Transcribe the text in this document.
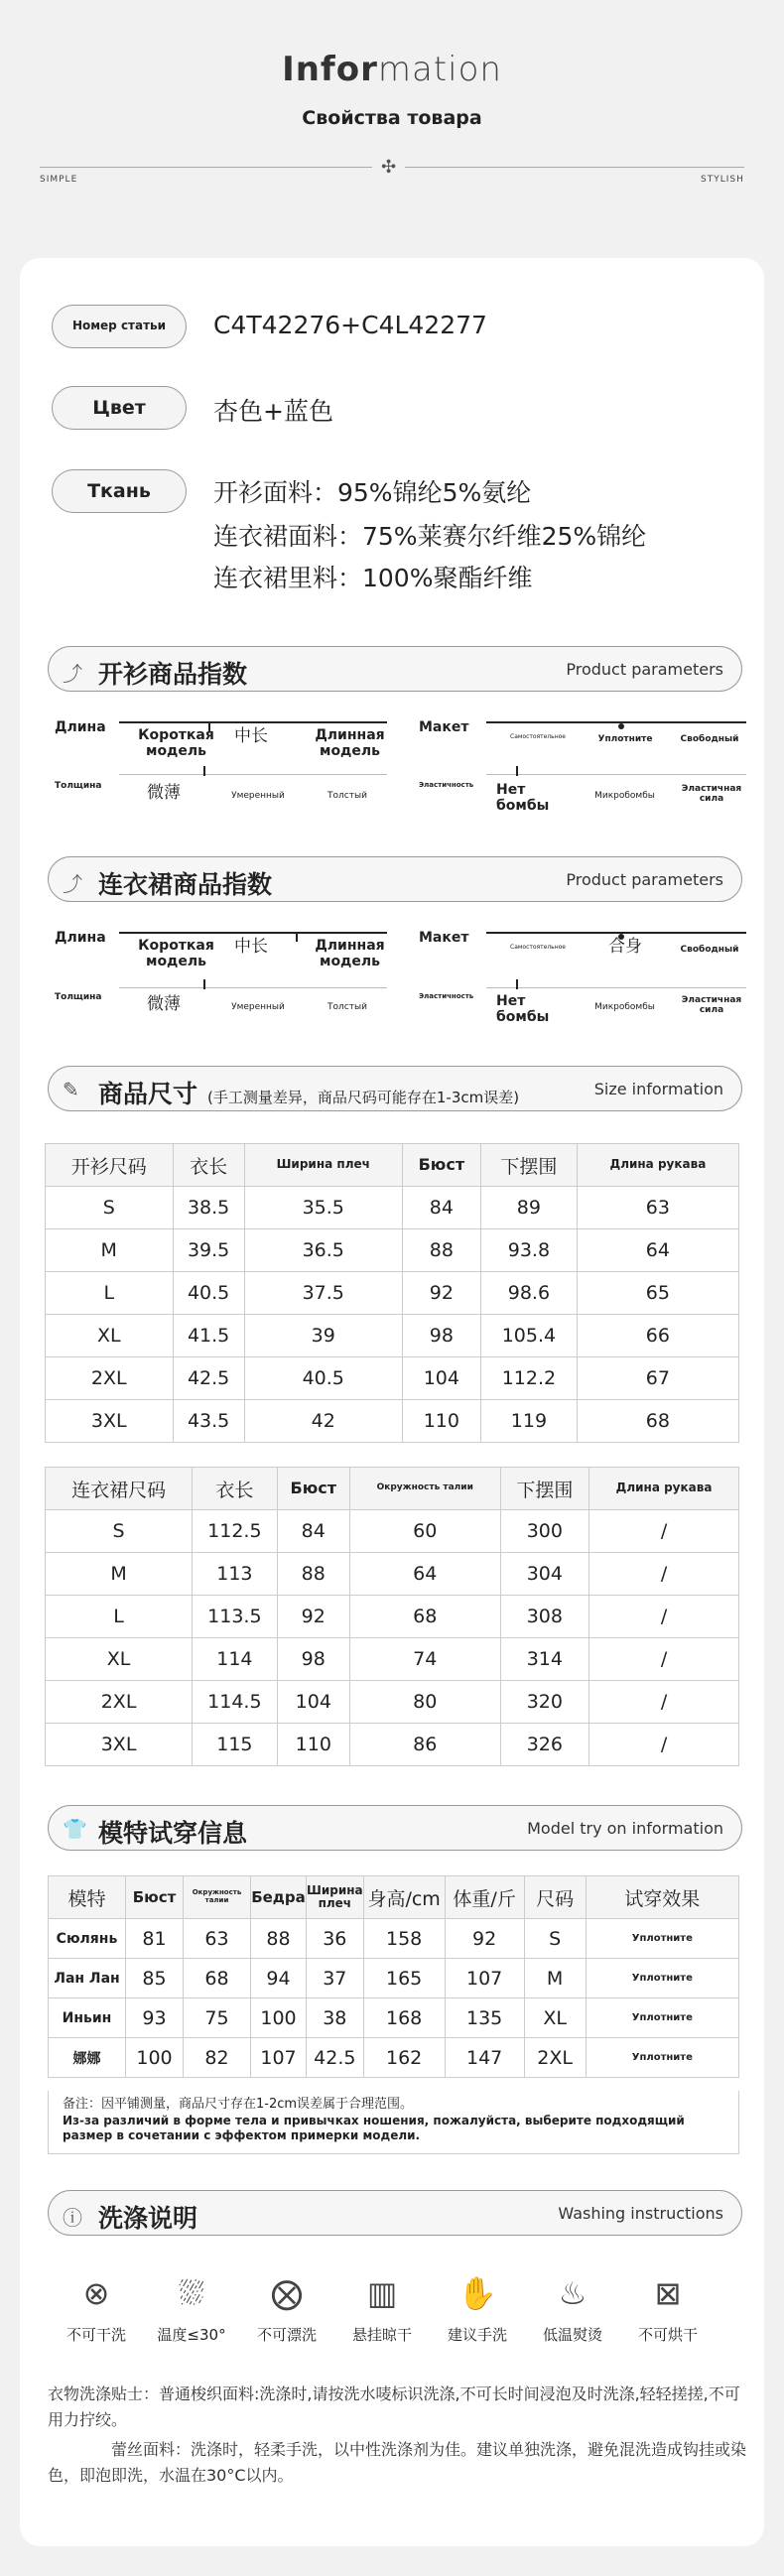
Information
Свойства товара
✣
SIMPLE	STYLISH
Номер статьи	C4T42276+C4L42277
Цвет	杏色+蓝色
Ткань	开衫面料：95%锦纶5%氨纶
连衣裙面料：75%莱赛尔纤维25%锦纶
连衣裙里料：100%聚酯纤维
⤴ 开衫商品指数	Product parameters
Длина	Короткая модель
中长	Длинная модель
Толщина	微薄	Умеренный	Толстый
Макет
Самостоятельное	Уплотните	Свободный
Эластичность Нет бомбы
Микробомбы
Эластичная сила
⤴ 连衣裙商品指数	Product parameters
Длина	Короткая модель
中长	Длинная модель
Толщина	微薄	Умеренный	Толстый
Макет
Самостоятельное	合身	Свободный
Эластичность Нет бомбы
Микробомбы
Эластичная сила
✎ 商品尺寸 (手工测量差异，商品尺码可能存在1-3cm误差)	Size information
开衫尺码	衣长	Ширина плеч	Бюст	下摆围	Длина рукава
S	38.5	35.5	84	89	63
M	39.5	36.5	88	93.8	64
L	40.5	37.5	92	98.6	65
XL	41.5	39	98	105.4	66
2XL	42.5	40.5	104	112.2	67
3XL	43.5	42	110	119	68
连衣裙尺码	衣长	Бюст	Окружность талии	下摆围	Длина рукава
S	112.5	84	60	300	/
M	113	88	64	304	/
L	113.5	92	68	308	/
XL	114	98	74	314	/
2XL	114.5	104	80	320	/
3XL	115	110	86	326	/
👕 模特试穿信息	Model try on information
模特	Бюст	Окружность талии	Бедра	Ширина плеч	身高/cm	体重/斤	尺码	试穿效果
Сюлянь	81	63	88	36	158	92	S	Уплотните
Лан Лан	85	68	94	37	165	107	M	Уплотните
Иньин	93	75	100	38	168	135	XL	Уплотните
娜娜	100	82	107	42.5	162	147	2XL	Уплотните
备注：因平铺测量，商品尺寸存在1-2cm误差属于合理范围。
Из-за различий в форме тела и привычках ношения, пожалуйста, выберите подходящий размер в сочетании с эффектом примерки модели.
ⓘ 洗涤说明	Washing instructions
⊗
不可干洗
⛆
温度≤30°
⨂
不可漂洗
▥
悬挂晾干
✋
建议手洗
♨
低温熨烫
⊠
不可烘干
衣物洗涤贴士：普通梭织面料:洗涤时,请按洗水唛标识洗涤,不可长时间浸泡及时洗涤,轻轻搓搓,不可用力拧绞。
蕾丝面料：洗涤时，轻柔手洗，以中性洗涤剂为佳。建议单独洗涤，避免混洗造成钩挂或染色，即泡即洗，水温在30°C以内。
